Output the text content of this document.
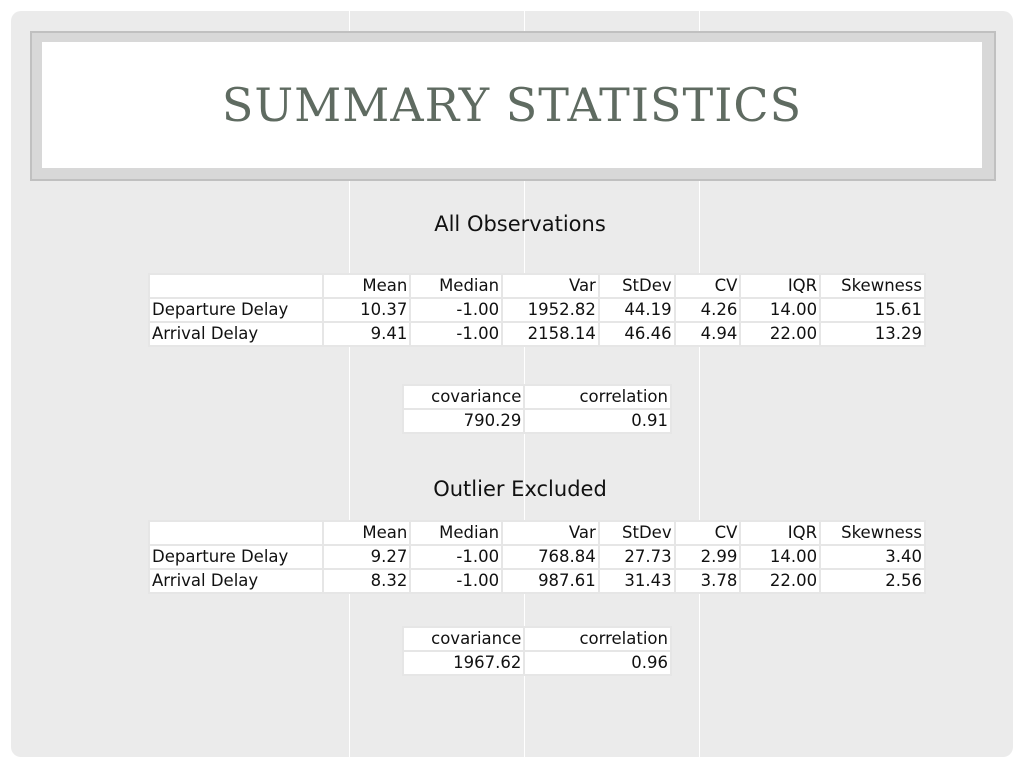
SUMMARY STATISTICS
All Observations
	Mean	Median	Var	StDev	CV	IQR	Skewness
Departure Delay	10.37	-1.00	1952.82	44.19	4.26	14.00	15.61
Arrival Delay	9.41	-1.00	2158.14	46.46	4.94	22.00	13.29
covariance	correlation
790.29	0.91
Outlier Excluded
	Mean	Median	Var	StDev	CV	IQR	Skewness
Departure Delay	9.27	-1.00	768.84	27.73	2.99	14.00	3.40
Arrival Delay	8.32	-1.00	987.61	31.43	3.78	22.00	2.56
covariance	correlation
1967.62	0.96
